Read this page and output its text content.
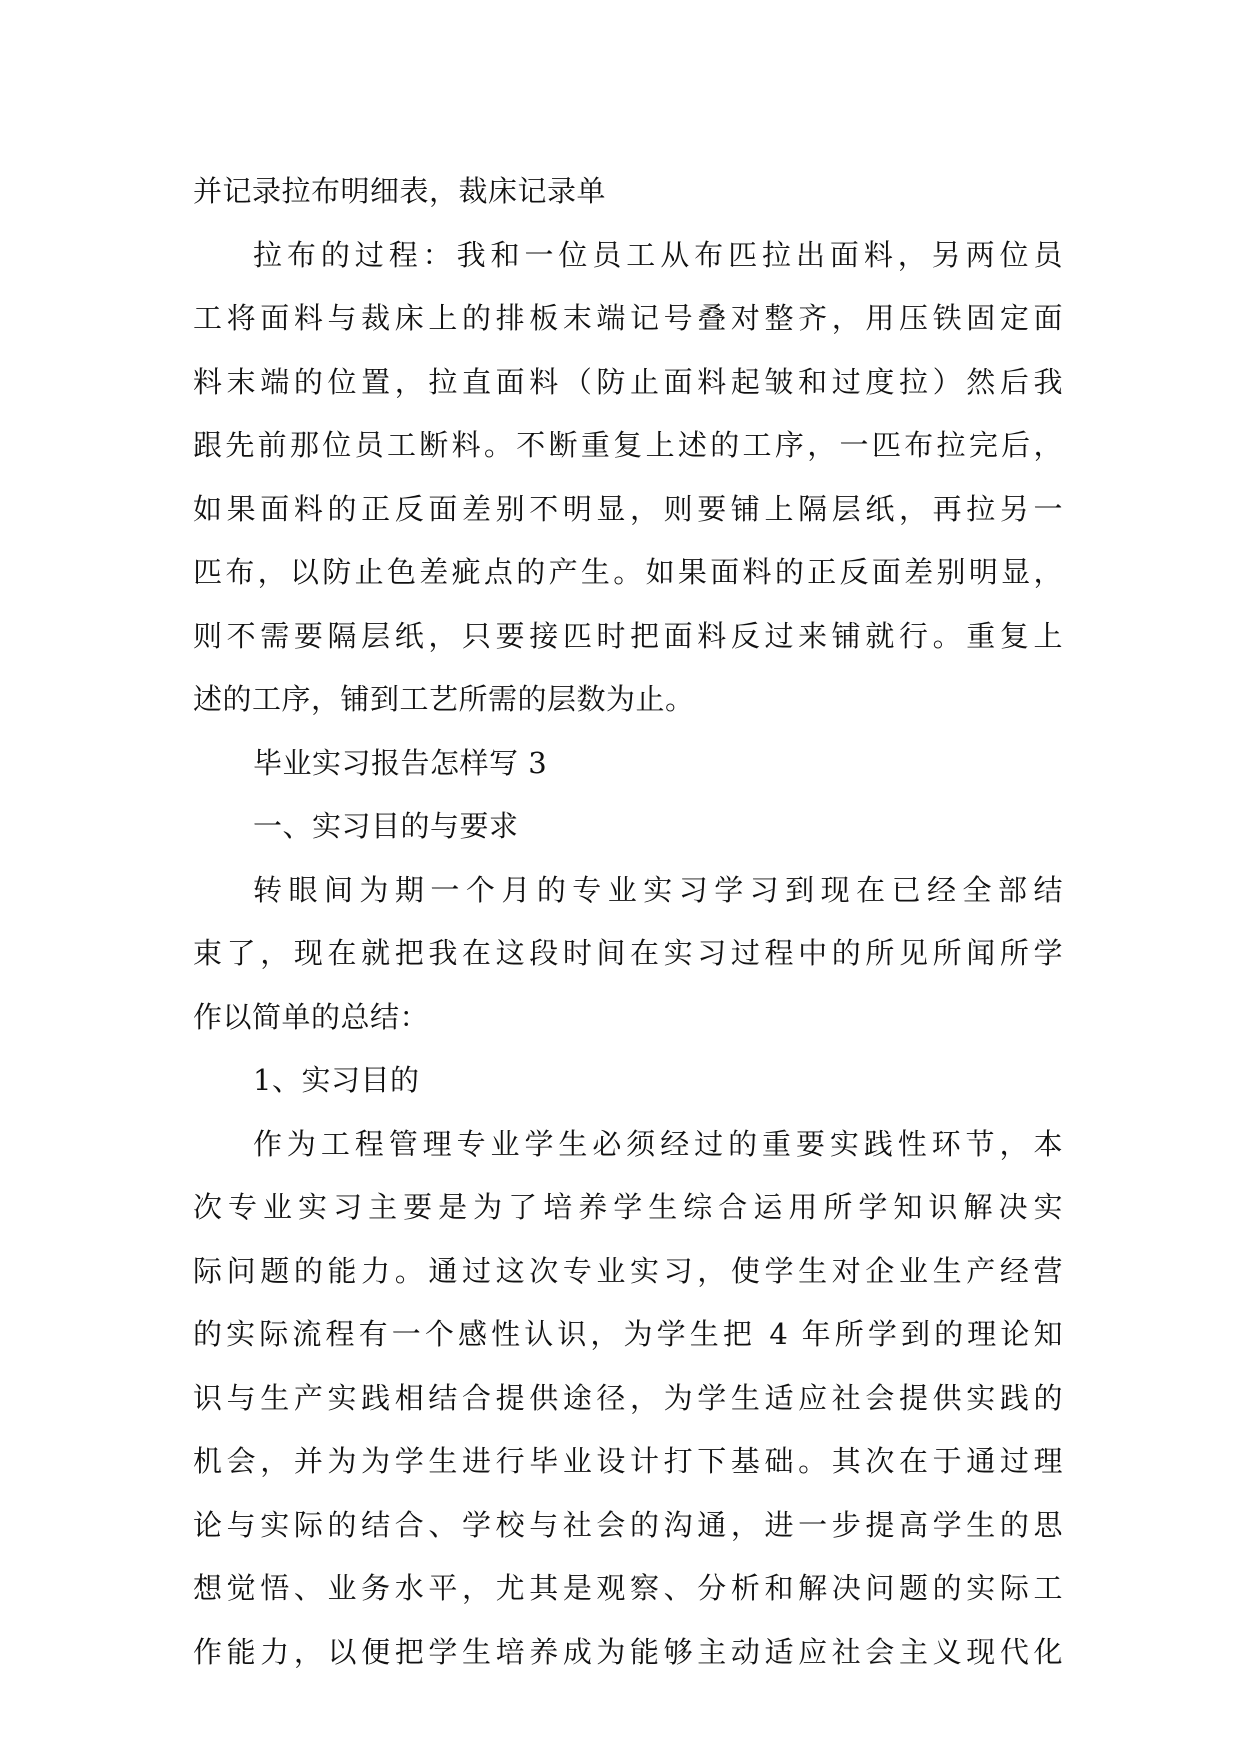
并记录拉布明细表，裁床记录单
拉布的过程：我和一位员工从布匹拉出面料，另两位员
工将面料与裁床上的排板末端记号叠对整齐，用压铁固定面
料末端的位置，拉直面料（防止面料起皱和过度拉）然后我
跟先前那位员工断料。不断重复上述的工序，一匹布拉完后，
如果面料的正反面差别不明显，则要铺上隔层纸，再拉另一
匹布，以防止色差疵点的产生。如果面料的正反面差别明显，
则不需要隔层纸，只要接匹时把面料反过来铺就行。重复上
述的工序，铺到工艺所需的层数为止。
毕业实习报告怎样写 3
一、实习目的与要求
转眼间为期一个月的专业实习学习到现在已经全部结
束了，现在就把我在这段时间在实习过程中的所见所闻所学
作以简单的总结：
1、实习目的
作为工程管理专业学生必须经过的重要实践性环节，本
次专业实习主要是为了培养学生综合运用所学知识解决实
际问题的能力。通过这次专业实习，使学生对企业生产经营
的实际流程有一个感性认识，为学生把 4 年所学到的理论知
识与生产实践相结合提供途径，为学生适应社会提供实践的
机会，并为为学生进行毕业设计打下基础。其次在于通过理
论与实际的结合、学校与社会的沟通，进一步提高学生的思
想觉悟、业务水平，尤其是观察、分析和解决问题的实际工
作能力，以便把学生培养成为能够主动适应社会主义现代化
